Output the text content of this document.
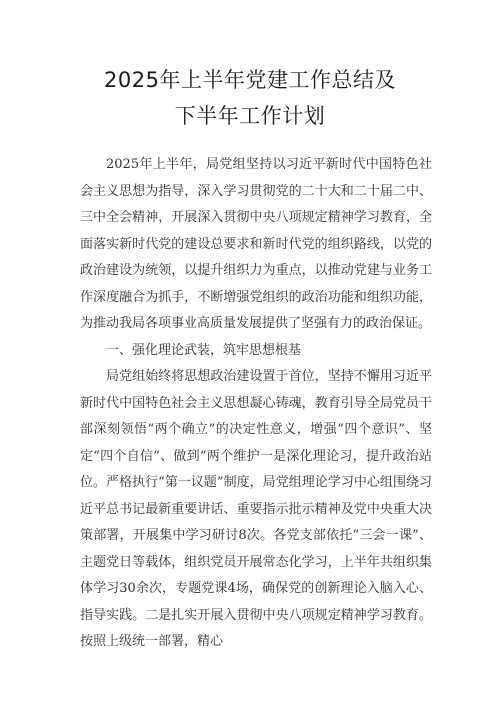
2025年上半年党建工作总结及
下半年工作计划

2025年上半年，局党组坚持以习近平新时代中国特色社会主义思想为指导，深入学习贯彻党的二十大和二十届二中、三中全会精神，开展深入贯彻中央八项规定精神学习教育，全面落实新时代党的建设总要求和新时代党的组织路线，以党的政治建设为统领，以提升组织力为重点，以推动党建与业务工作深度融合为抓手，不断增强党组织的政治功能和组织功能，为推动我局各项事业高质量发展提供了坚强有力的政治保证。

一、强化理论武装，筑牢思想根基

局党组始终将思想政治建设置于首位，坚持不懈用习近平新时代中国特色社会主义思想凝心铸魂，教育引导全局党员干部深刻领悟“两个确立”的决定性意义，增强“四个意识”、坚定“四个自信”、做到“两个维护一是深化理论习，提升政治站位。严格执行“第一议题”制度，局党组理论学习中心组围绕习近平总书记最新重要讲话、重要指示批示精神及党中央重大决策部署，开展集中学习研讨8次。各党支部依托“三会一课”、主题党日等载体，组织党员开展常态化学习，上半年共组织集体学习30余次，专题党课4场，确保党的创新理论入脑入心、指导实践。二是扎实开展入贯彻中央八项规定精神学习教育。按照上级统一部署，精心
